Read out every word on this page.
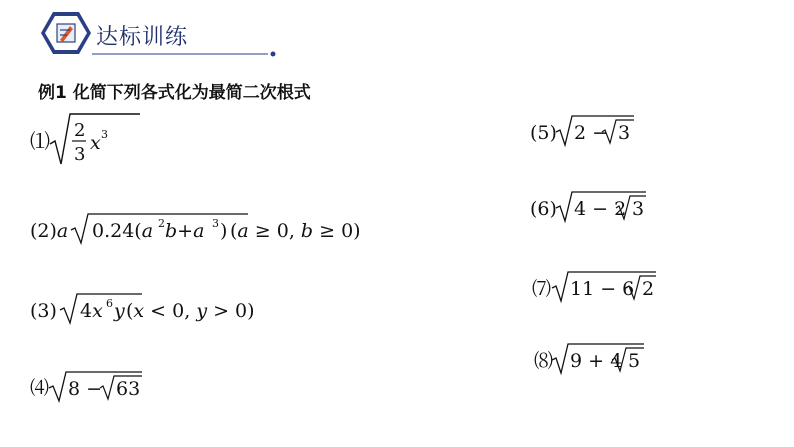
达标训练
例1 化简下列各式化为最简二次根式
⑴ 2
3
x 3
(2)a 0.24(a 2 b+a 3 ) (a ≥ 0, b ≥ 0)
(3) 4x 6 y (x < 0, y > 0)
⑷ 8 − 63
(5) 2 − 3
(6) 4 − 2 3
⑺ 11 − 6 2
⑻ 9 + 4 5
